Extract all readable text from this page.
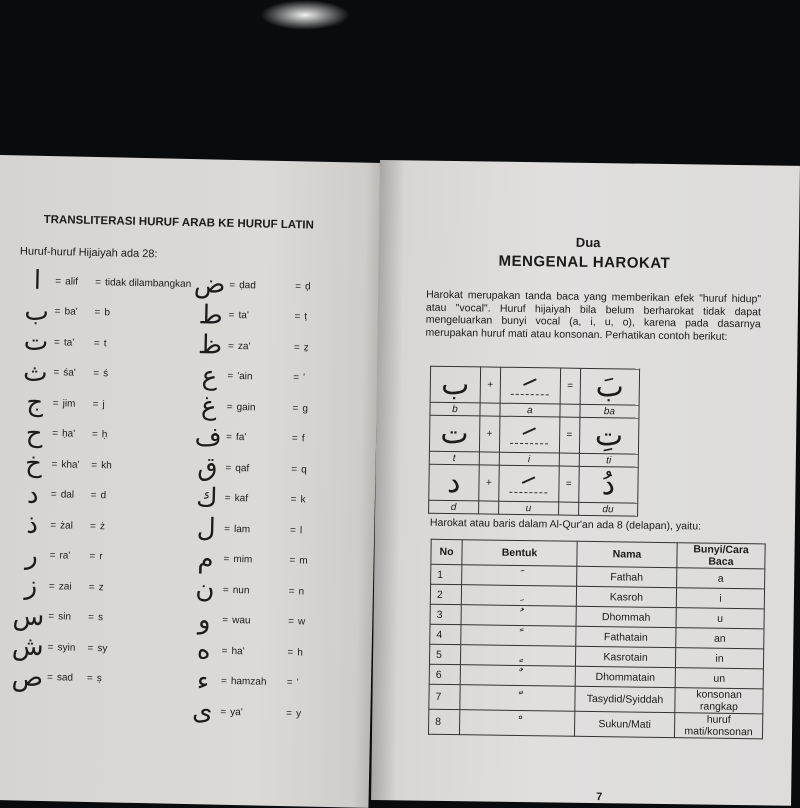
TRANSLITERASI HURUF ARAB KE HURUF LATIN
Huruf-huruf Hijaiyah ada 28:
ا	= alif	= tidak dilambangkan
ب = ba'	= b
ت = ta'	= t
ث = śa'	= ś
ج = jim	= j
ح = ḥa'	= ḥ
خ = kha'	= kh
د	= dal	= d
ذ	= żal	= ż
ر	= ra'	= r
ز	= zai	= z
س = sin	= s
ش = syin	= sy
ص = sad	= ṣ
ض = ḍad	= ḍ
ط = ta'	= ṭ
ظ = za'	= ẓ
ع = 'ain	= '
غ = gain	= g
ف = fa'	= f
ق = qaf	= q
ك = kaf	= k
ل = lam	= l
م = mim	= m
ن = nun	= n
و	= wau	= w
ه	= ha'	= h
ء	= hamzah	= '
ى = ya'	= y
Dua
MENGENAL HAROKAT
Harokat merupakan tanda baca yang memberikan efek "huruf hidup" atau "vocal". Huruf hijaiyah bila belum berharokat tidak dapat mengeluarkan bunyi vocal (a, i, u, o), karena pada dasarnya merupakan huruf mati atau konsonan. Perhatikan contoh berikut:
ب	+		=	بَ
b		a		ba
ت	+		=	تِ
t		i		ti
د	+		=	دُ
d		u		du
Harokat atau baris dalam Al-Qur'an ada 8 (delapan), yaitu:
No	Bentuk	Nama	Bunyi/Cara Baca
1	َ	Fathah	a
2	ِ	Kasroh	i
3	ُ	Dhommah	u
4	ً	Fathatain	an
5	ٍ	Kasrotain	in
6	ٌ	Dhommatain	un
7	ّ	Tasydid/Syiddah	konsonan rangkap
8	ْ	Sukun/Mati	huruf mati/konsonan
7
